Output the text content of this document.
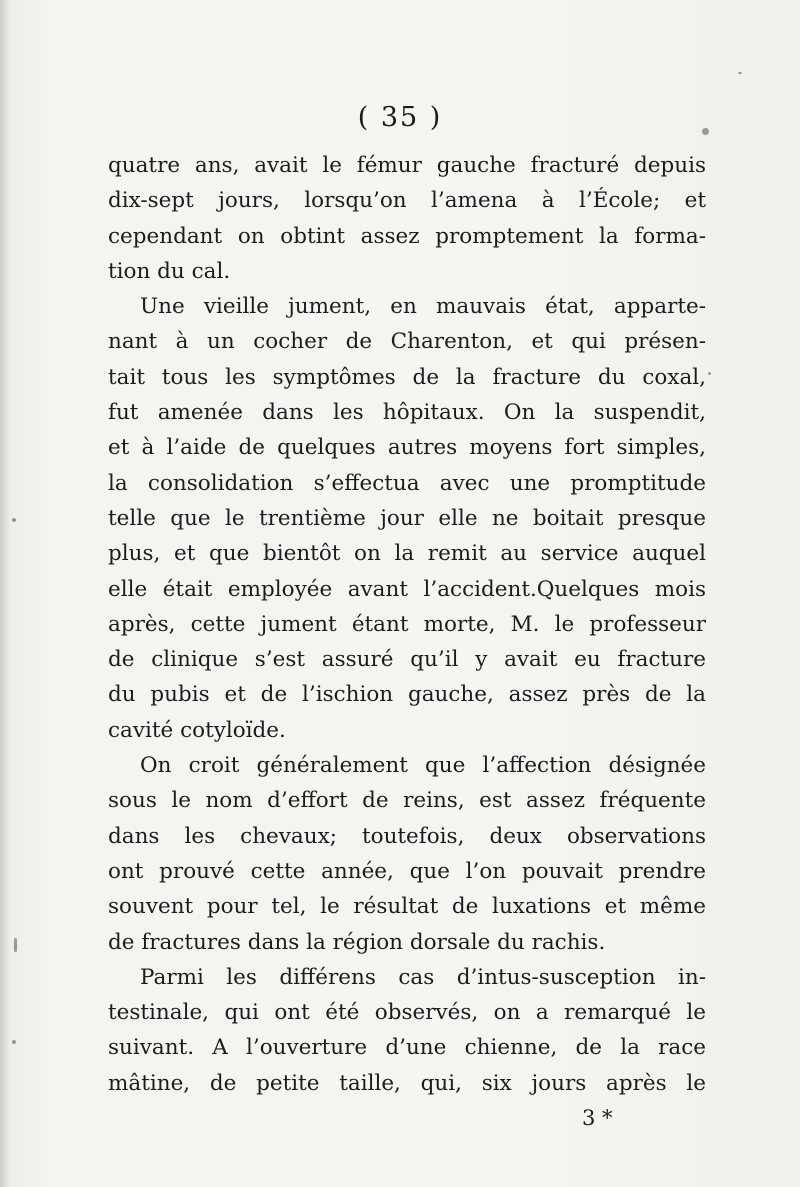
( 35 )
quatre ans, avait le fémur gauche fracturé depuis
dix-sept jours, lorsqu’on l’amena à l’École; et
cependant on obtint assez promptement la forma-
tion du cal.
Une vieille jument, en mauvais état, apparte-
nant à un cocher de Charenton, et qui présen-
tait tous les symptômes de la fracture du coxal,
fut amenée dans les hôpitaux. On la suspendit,
et à l’aide de quelques autres moyens fort simples,
la consolidation s’effectua avec une promptitude
telle que le trentième jour elle ne boitait presque
plus, et que bientôt on la remit au service auquel
elle était employée avant l’accident.Quelques mois
après, cette jument étant morte, M. le professeur
de clinique s’est assuré qu’il y avait eu fracture
du pubis et de l’ischion gauche, assez près de la
cavité cotyloïde.
On croit généralement que l’affection désignée
sous le nom d’effort de reins, est assez fréquente
dans les chevaux; toutefois, deux observations
ont prouvé cette année, que l’on pouvait prendre
souvent pour tel, le résultat de luxations et même
de fractures dans la région dorsale du rachis.
Parmi les différens cas d’intus-susception in-
testinale, qui ont été observés, on a remarqué le
suivant. A l’ouverture d’une chienne, de la race
mâtine, de petite taille, qui, six jours après le
3 *
